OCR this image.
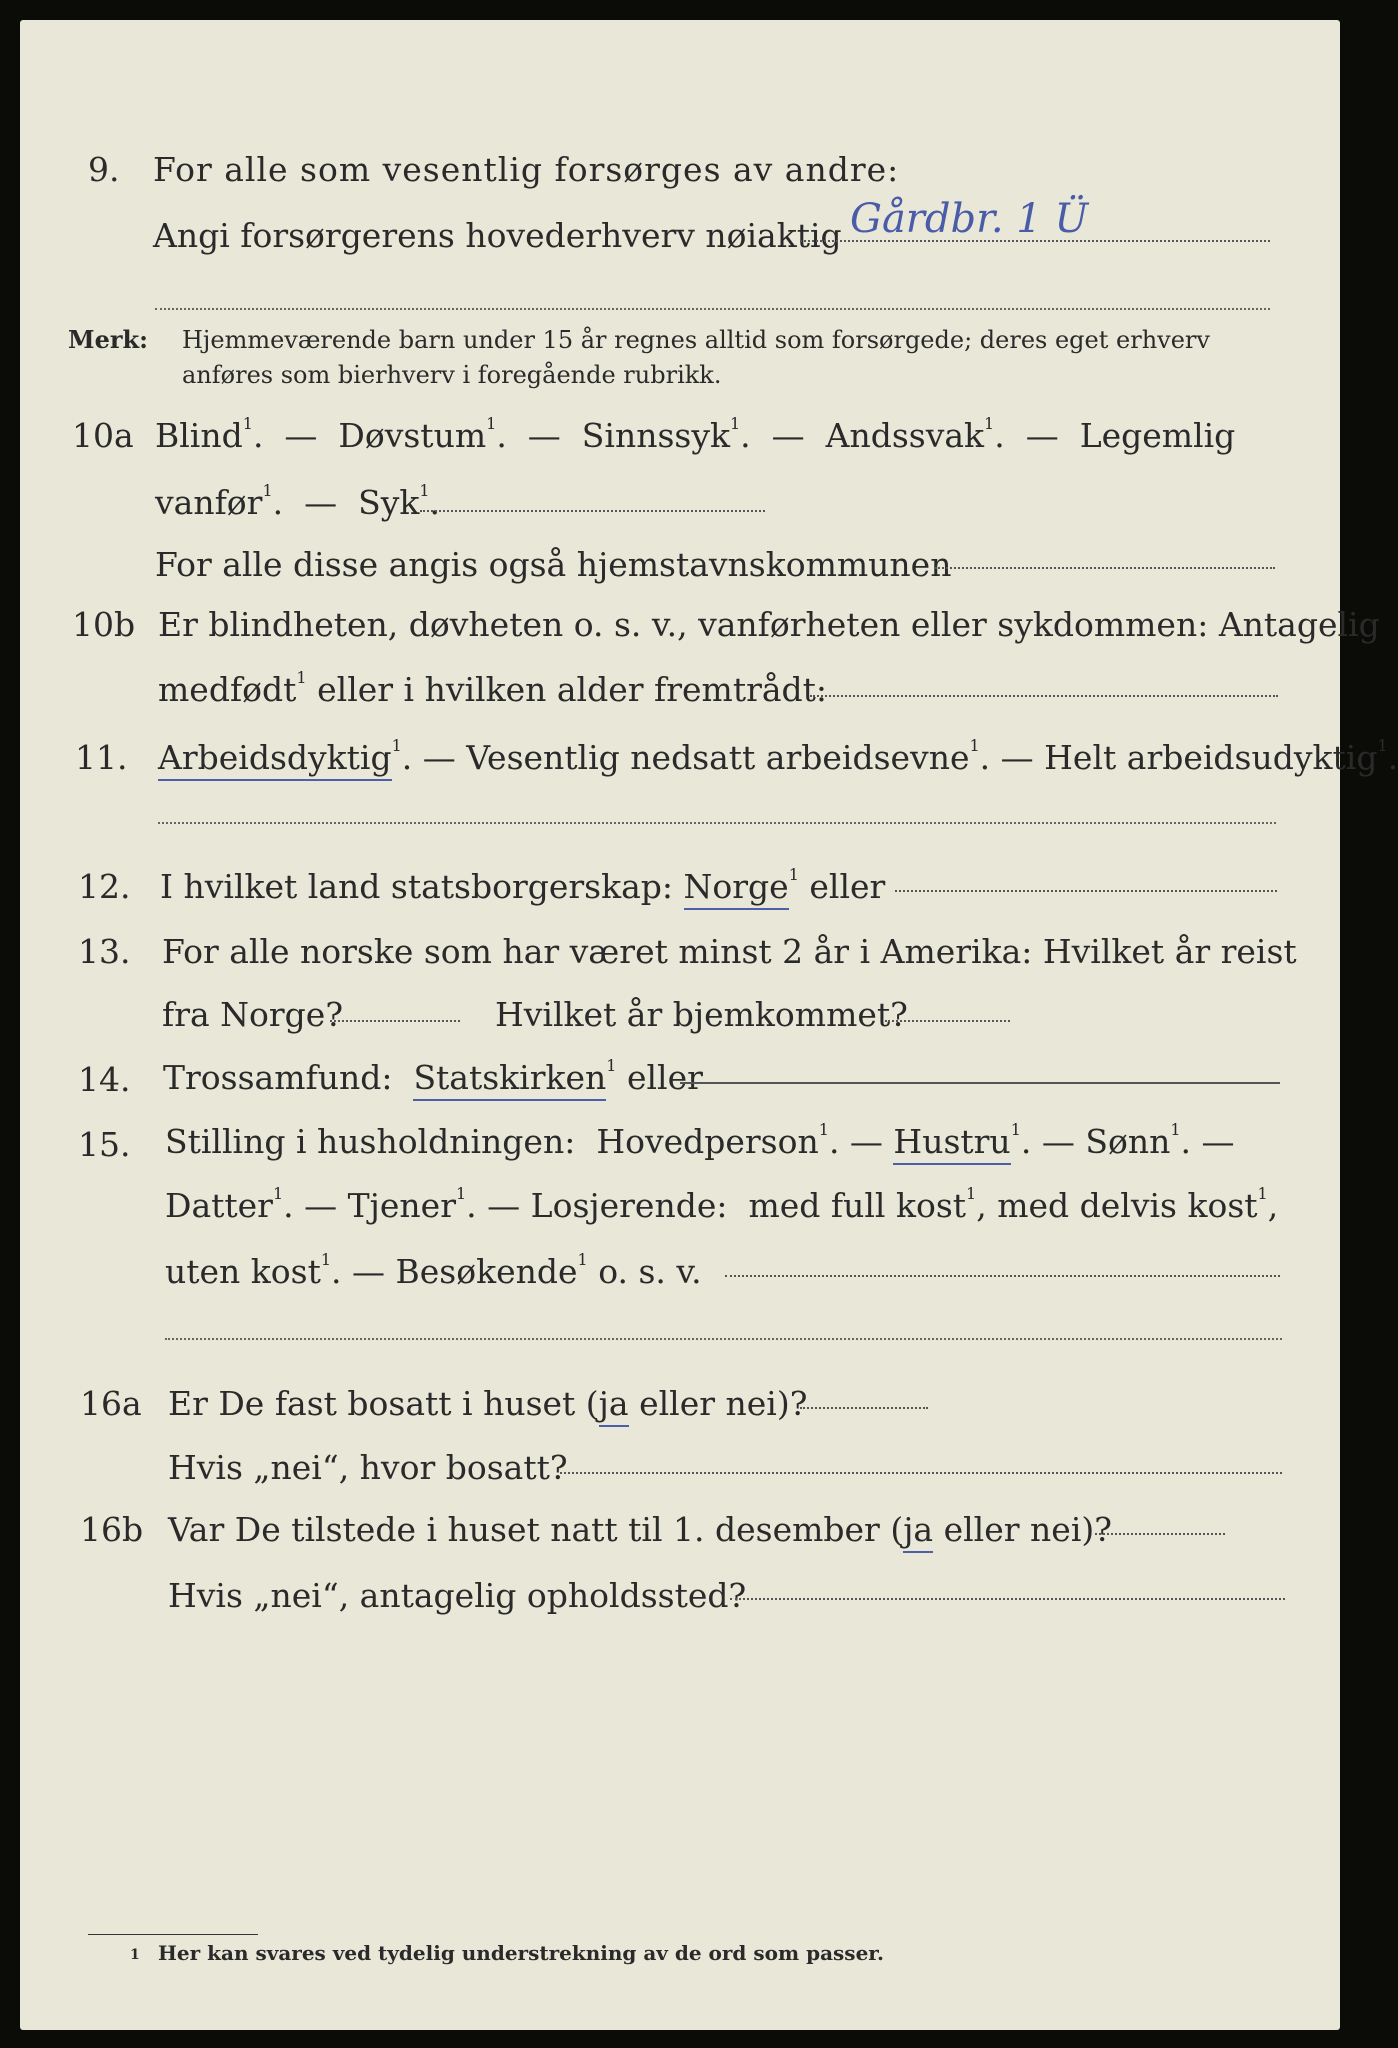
9. For alle som vesentlig forsørges av andre:
Angi forsørgerens hovederhverv nøiaktig Gårdbr. 1 Ü
Merk: Hjemmeværende barn under 15 år regnes alltid som forsørgede; deres eget erhverv
anføres som bierhverv i foregående rubrikk.
10a Blind$^1$.  — Døvstum$^1$.  — Sinnssyk$^1$.  — Andssvak$^1$.  — Legemlig
vanfør$^1$.  — Syk$^1$.
For alle disse angis også hjemstavnskommunen
10b Er blindheten, døvheten o. s. v., vanførheten eller sykdommen: Antagelig
medfødt$^1$ eller i hvilken alder fremtrådt:
11. Arbeidsdyktig$^1$. — Vesentlig nedsatt arbeidsevne$^1$. — Helt arbeidsudyktig$^1$.
12. I hvilket land statsborgerskap: Norge$^1$ eller
13. For alle norske som har været minst 2 år i Amerika: Hvilket år reist
fra Norge?	Hvilket år bjemkommet?
14. Trossamfund: Statskirken$^1$ eller
15. Stilling i husholdningen: Hovedperson$^1$. — Hustru$^1$. — Sønn$^1$. —
Datter$^1$. — Tjener$^1$. — Losjerende: med full kost$^1$, med delvis kost$^1$,
uten kost$^1$. — Besøkende$^1$ o. s. v.
16a Er De fast bosatt i huset (ja eller nei)?
Hvis „nei“, hvor bosatt?
16b Var De tilstede i huset natt til 1. desember (ja eller nei)?
Hvis „nei“, antagelig opholdssted?
1 Her kan svares ved tydelig understrekning av de ord som passer.
